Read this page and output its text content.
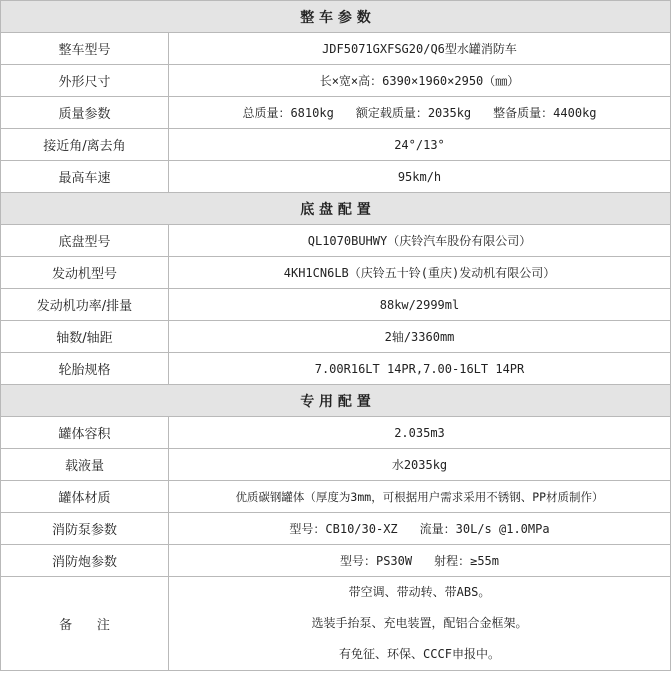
整 车 参 数	
整车型号	JDF5071GXFSG20/Q6型水罐消防车
外形尺寸	长×宽×高：6390×1960×2950（㎜）
质量参数	总质量：6810kg 额定载质量：2035kg 整备质量：4400kg
接近角/离去角	24°/13°
最高车速	95km/h
底 盘 配 置	
底盘型号	QL1070BUHWY（庆铃汽车股份有限公司）
发动机型号	4KH1CN6LB（庆铃五十铃(重庆)发动机有限公司）
发动机功率/排量	88kw/2999ml
轴数/轴距	2轴/3360mm
轮胎规格	7.00R16LT 14PR,7.00-16LT 14PR
专 用 配 置	
罐体容积	2.035m3
载液量	水2035kg
罐体材质	优质碳钢罐体（厚度为3mm，可根据用户需求采用不锈钢、PP材质制作）
消防泵参数	型号：CB10/30-XZ 流量：30L/s @1.0MPa
消防炮参数	型号：PS30W 射程：≥55m
备      注	带空调、带动转、带ABS。
选装手抬泵、充电装置，配铝合金框架。
有免征、环保、CCCF申报中。
